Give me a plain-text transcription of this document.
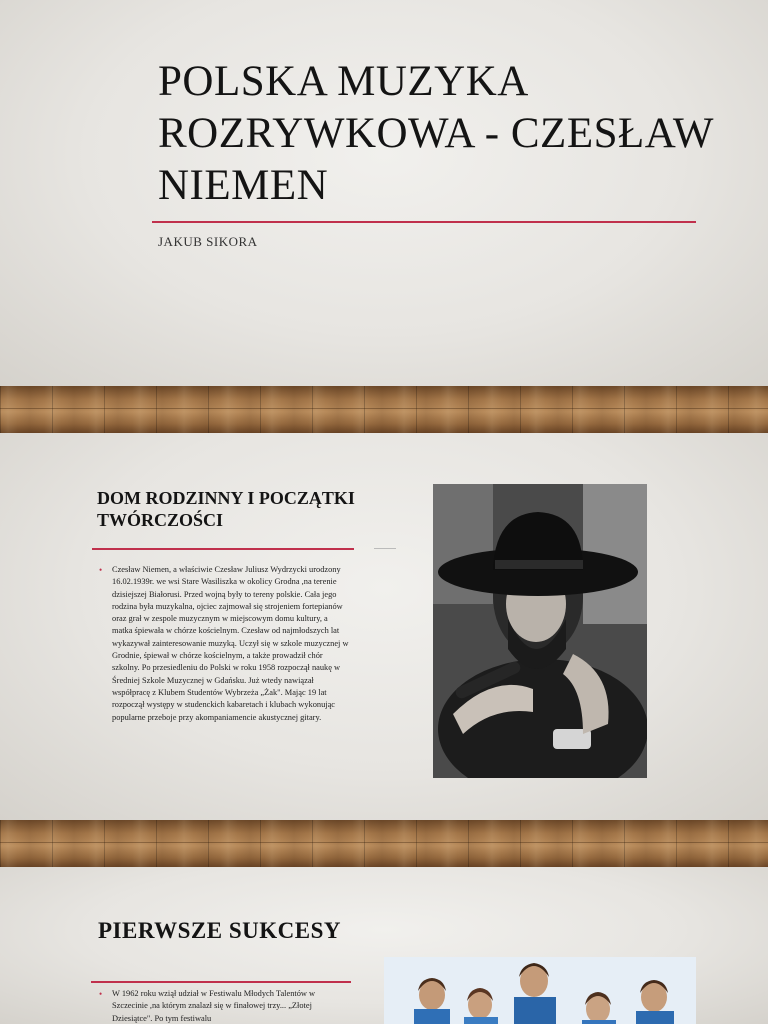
POLSKA MUZYKA ROZRYWKOWA - CZESŁAW NIEMEN
JAKUB SIKORA
DOM RODZINNY I POCZĄTKI TWÓRCZOŚCI
• Czesław Niemen, a właściwie Czesław Juliusz Wydrzycki urodzony 16.02.1939r. we wsi Stare Wasiliszka w okolicy Grodna ,na terenie dzisiejszej Białorusi. Przed wojną były to tereny polskie. Cała jego rodzina była muzykalna, ojciec zajmował się strojeniem fortepianów oraz grał w zespole muzycznym w miejscowym domu kultury, a matka śpiewała w chórze kościelnym. Czesław od najmłodszych lat wykazywał zainteresowanie muzyką. Uczył się w szkole muzycznej w Grodnie, śpiewał w chórze kościelnym, a także prowadził chór szkolny. Po przesiedleniu do Polski w roku 1958 rozpoczął naukę w Średniej Szkole Muzycznej w Gdańsku. Już wtedy nawiązał współpracę z Klubem Studentów Wybrzeża „Żak". Mając 19 lat rozpoczął występy w studenckich kabaretach i klubach wykonując popularne przeboje przy akompaniamencie akustycznej gitary.
PIERWSZE SUKCESY
• W 1962 roku wziął udział w Festiwalu Młodych Talentów w Szczecinie ,na którym znalazł się w finałowej trzy... „Złotej Dziesiątce". Po tym festiwalu
